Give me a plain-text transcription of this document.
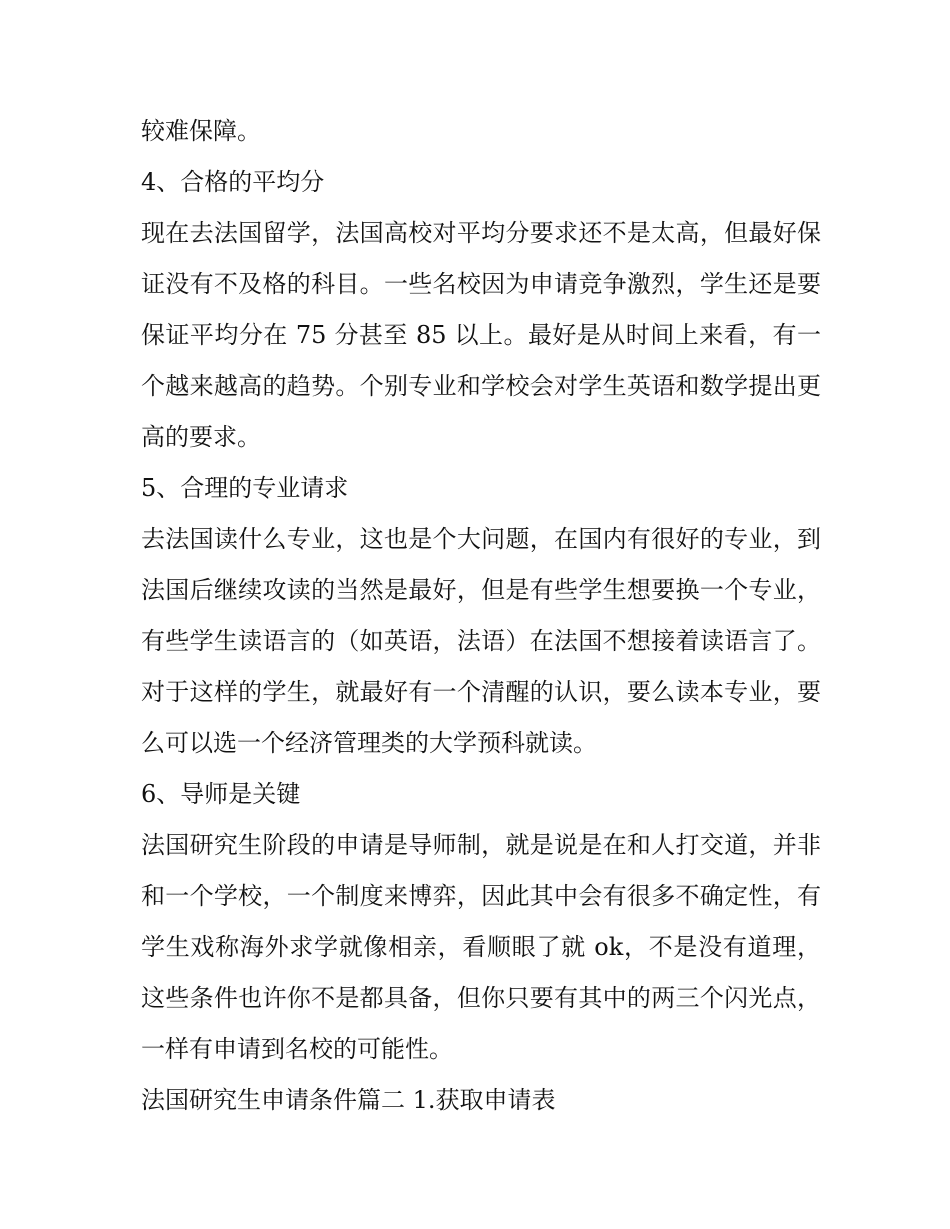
较难保障。

4、合格的平均分

现在去法国留学，法国高校对平均分要求还不是太高，但最好保证没有不及格的科目。一些名校因为申请竞争激烈，学生还是要保证平均分在 75 分甚至 85 以上。最好是从时间上来看，有一个越来越高的趋势。个别专业和学校会对学生英语和数学提出更高的要求。

5、合理的专业请求

去法国读什么专业，这也是个大问题，在国内有很好的专业，到法国后继续攻读的当然是最好，但是有些学生想要换一个专业，有些学生读语言的（如英语，法语）在法国不想接着读语言了。对于这样的学生，就最好有一个清醒的认识，要么读本专业，要么可以选一个经济管理类的大学预科就读。

6、导师是关键

法国研究生阶段的申请是导师制，就是说是在和人打交道，并非和一个学校，一个制度来博弈，因此其中会有很多不确定性，有学生戏称海外求学就像相亲，看顺眼了就 ok，不是没有道理，这些条件也许你不是都具备，但你只要有其中的两三个闪光点，一样有申请到名校的可能性。

法国研究生申请条件篇二 1.获取申请表
